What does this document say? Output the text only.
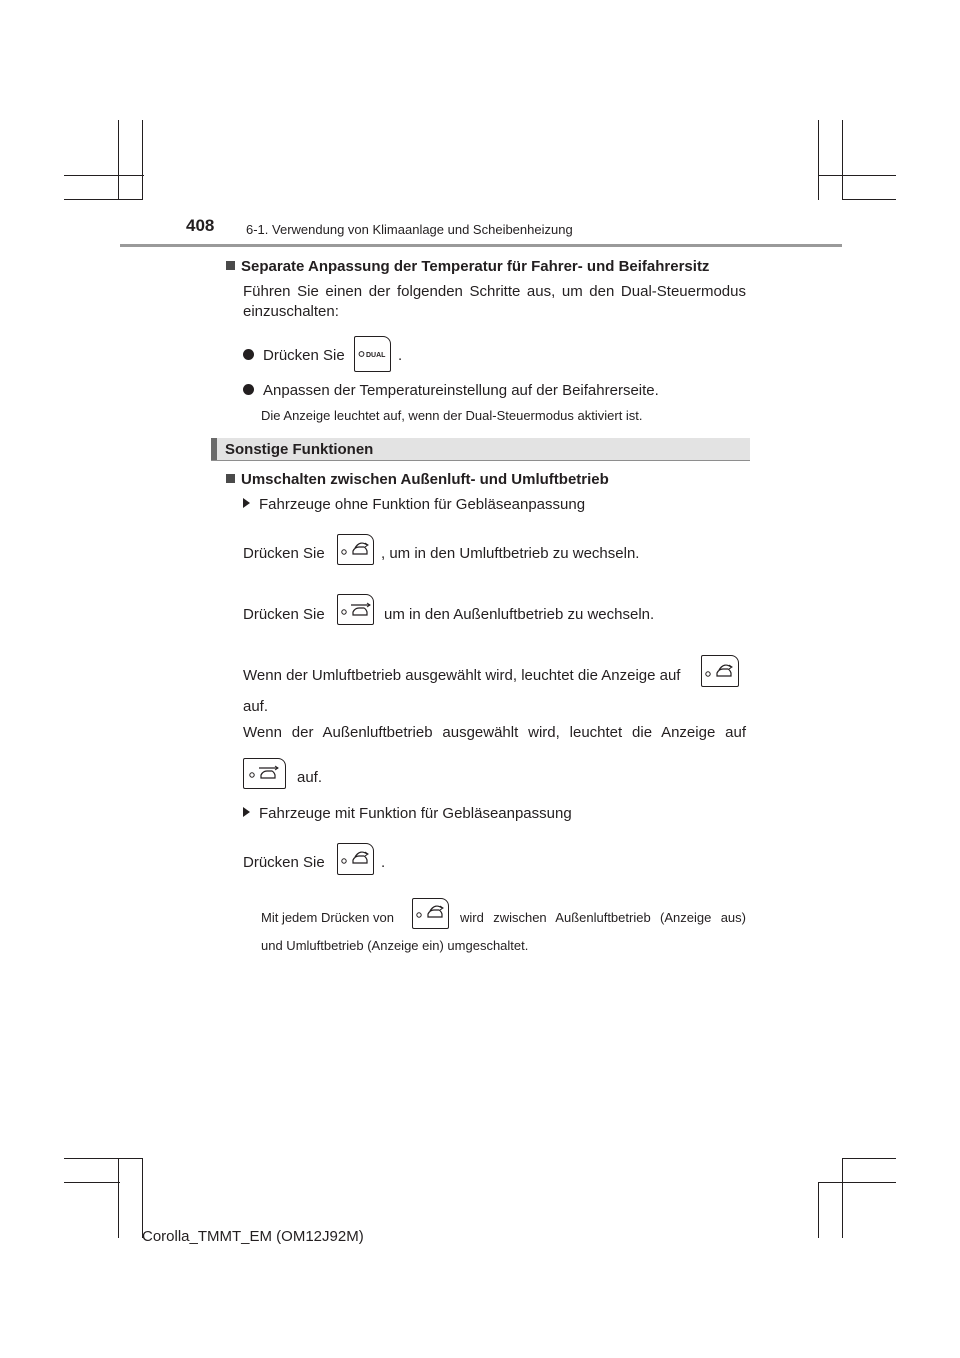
408 6-1. Verwendung von Klimaanlage und Scheibenheizung
Separate Anpassung der Temperatur für Fahrer- und Beifahrersitz
Führen Sie einen der folgenden Schritte aus, um den Dual-Steuermodus
einzuschalten:
Drücken Sie	DUAL .
Anpassen der Temperatureinstellung auf der Beifahrerseite.
Die Anzeige leuchtet auf, wenn der Dual-Steuermodus aktiviert ist.
Sonstige Funktionen
Umschalten zwischen Außenluft- und Umluftbetrieb
Fahrzeuge ohne Funktion für Gebläseanpassung
Drücken Sie	, um in den Umluftbetrieb zu wechseln.
Drücken Sie	um in den Außenluftbetrieb zu wechseln.
Wenn der Umluftbetrieb ausgewählt wird, leuchtet die Anzeige auf
auf.
Wenn der Außenluftbetrieb ausgewählt wird, leuchtet die Anzeige auf
auf.
Fahrzeuge mit Funktion für Gebläseanpassung
Drücken Sie	.
Mit jedem Drücken von	wird zwischen Außenluftbetrieb (Anzeige aus)
und Umluftbetrieb (Anzeige ein) umgeschaltet.
Corolla_TMMT_EM (OM12J92M)
